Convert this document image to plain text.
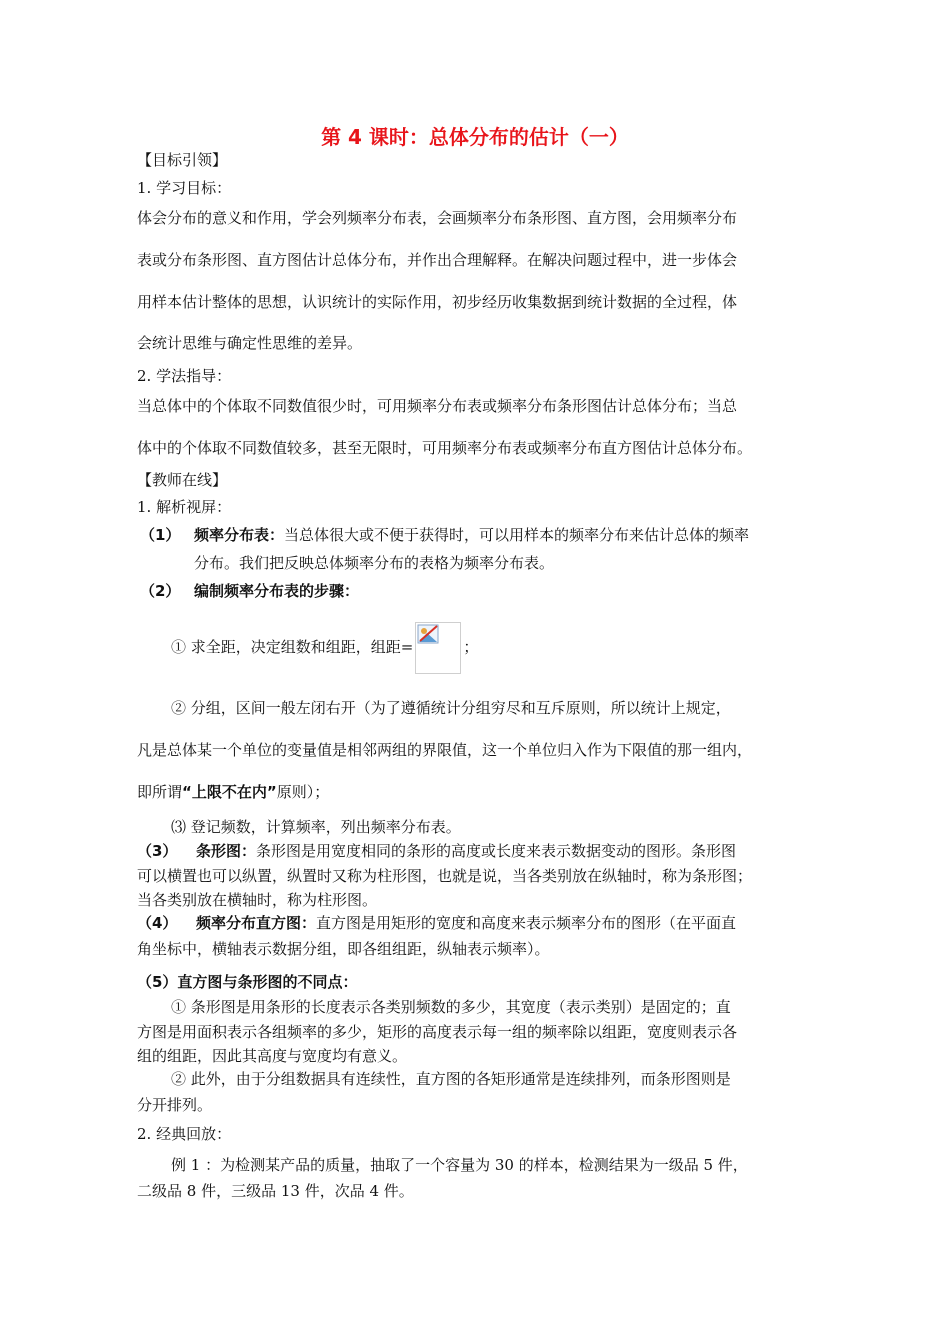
第 4 课时：总体分布的估计（一）
【目标引领】
1. 学习目标：
体会分布的意义和作用，学会列频率分布表，会画频率分布条形图、直方图，会用频率分布
表或分布条形图、直方图估计总体分布，并作出合理解释。在解决问题过程中，进一步体会
用样本估计整体的思想，认识统计的实际作用，初步经历收集数据到统计数据的全过程，体
会统计思维与确定性思维的差异。
2. 学法指导：
当总体中的个体取不同数值很少时，可用频率分布表或频率分布条形图估计总体分布；当总
体中的个体取不同数值较多，甚至无限时，可用频率分布表或频率分布直方图估计总体分布。
【教师在线】
1. 解析视屏：
（1） 频率分布表：当总体很大或不便于获得时，可以用样本的频率分布来估计总体的频率
分布。我们把反映总体频率分布的表格为频率分布表。
（2） 编制频率分布表的步骤：
① 求全距，决定组数和组距，组距=	；
② 分组，区间一般左闭右开（为了遵循统计分组穷尽和互斥原则，所以统计上规定，
凡是总体某一个单位的变量值是相邻两组的界限值，这一个单位归入作为下限值的那一组内，
即所谓“上限不在内”原则）；
⑶ 登记频数，计算频率，列出频率分布表。
（3） 条形图：条形图是用宽度相同的条形的高度或长度来表示数据变动的图形。条形图
可以横置也可以纵置，纵置时又称为柱形图，也就是说，当各类别放在纵轴时，称为条形图；
当各类别放在横轴时，称为柱形图。
（4） 频率分布直方图：直方图是用矩形的宽度和高度来表示频率分布的图形（在平面直
角坐标中，横轴表示数据分组，即各组组距，纵轴表示频率）。
（5）直方图与条形图的不同点：
① 条形图是用条形的长度表示各类别频数的多少，其宽度（表示类别）是固定的；直
方图是用面积表示各组频率的多少，矩形的高度表示每一组的频率除以组距，宽度则表示各
组的组距，因此其高度与宽度均有意义。
② 此外，由于分组数据具有连续性，直方图的各矩形通常是连续排列，而条形图则是
分开排列。
2. 经典回放：
例 1 ：为检测某产品的质量，抽取了一个容量为 30 的样本，检测结果为一级品 5 件，
二级品 8 件，三级品 13 件，次品 4 件。
